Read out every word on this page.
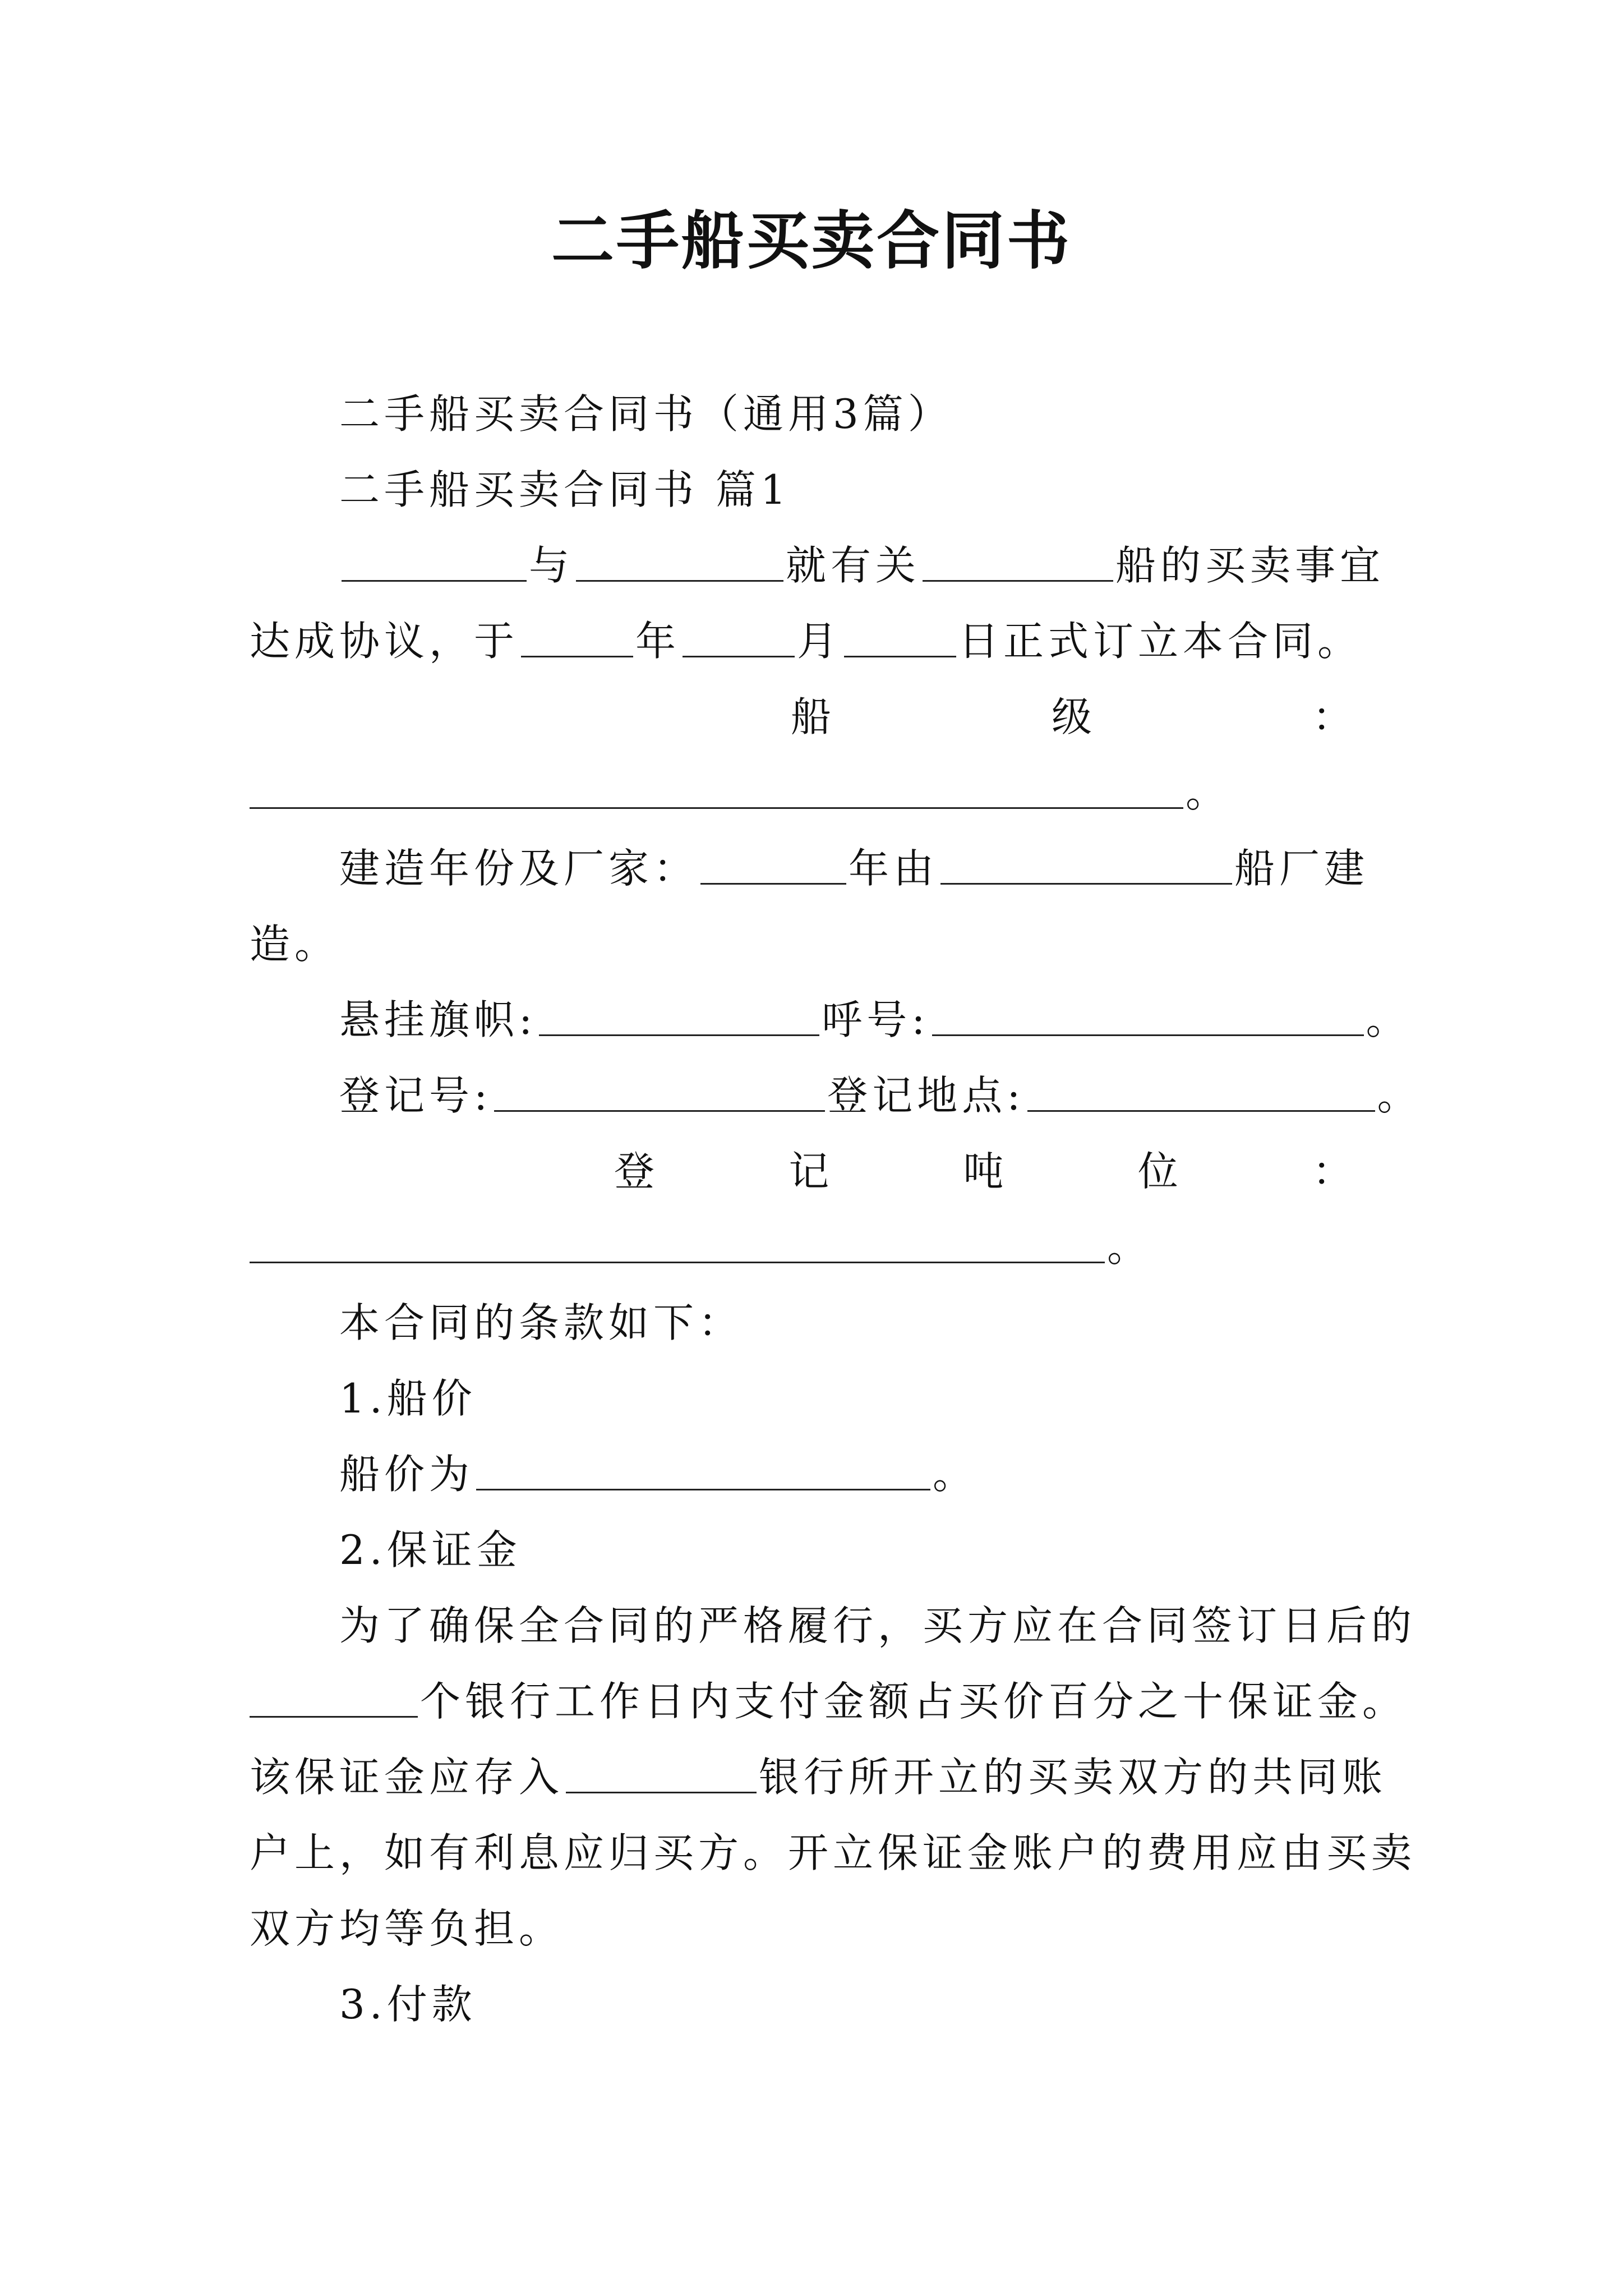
二手船买卖合同书
二手船买卖合同书（通用3篇）
二手船买卖合同书 篇1
与	就有关	船的买卖事宜
达成协议，于	年	月	日正式订立本合同。
船	级	：
。
建造年份及厂家：	年由	船厂建
造。
悬挂旗帜:	呼号:	。
登记号:	登记地点:	。
登	记	吨	位	：
。
本合同的条款如下：
1.船价
船价为	。
2.保证金
为了确保全合同的严格履行，买方应在合同签订日后的
个银行工作日内支付金额占买价百分之十保证金。
该保证金应存入	银行所开立的买卖双方的共同账
户上，如有利息应归买方。开立保证金账户的费用应由买卖
双方均等负担。
3.付款
